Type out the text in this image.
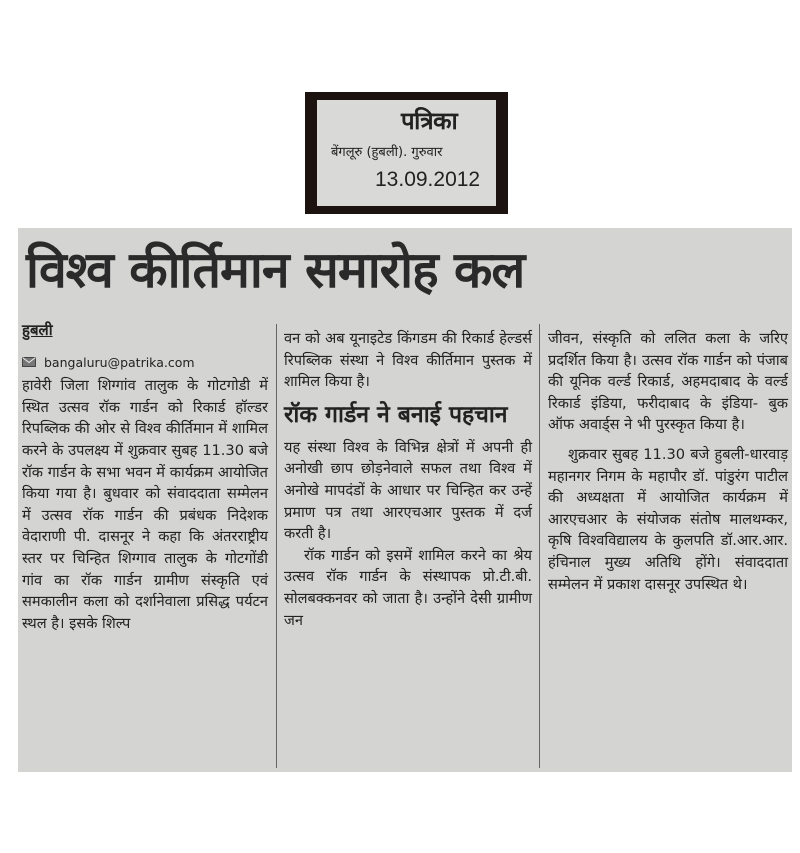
पत्रिका
बेंगलूरु (हुबली). गुरुवार
13.09.2012
विश्व कीर्तिमान समारोह कल
हुबली
bangaluru@patrika.com

हावेरी जिला शिग्गांव तालुक के गोटगोडी में स्थित उत्सव रॉक गार्डन को रिकार्ड हॉल्डर रिपब्लिक की ओर से विश्व कीर्तिमान में शामिल करने के उपलक्ष्य में शुक्रवार सुबह 11.30 बजे रॉक गार्डन के सभा भवन में कार्यक्रम आयोजित किया गया है। बुधवार को संवाददाता सम्मेलन में उत्सव रॉक गार्डन की प्रबंधक निदेशक वेदाराणी पी. दासनूर ने कहा कि अंतरराष्ट्रीय स्तर पर चिन्हित शिग्गाव तालुक के गोटगोंडी गांव का रॉक गार्डन ग्रामीण संस्कृति एवं समकालीन कला को दर्शानेवाला प्रसिद्ध पर्यटन स्थल है। इसके शिल्प

वन को अब यूनाइटेड किंगडम की रिकार्ड हेल्डर्स रिपब्लिक संस्था ने विश्व कीर्तिमान पुस्तक में शामिल किया है।

रॉक गार्डन ने बनाई पहचान

यह संस्था विश्व के विभिन्न क्षेत्रों में अपनी ही अनोखी छाप छोड़नेवाले सफल तथा विश्व में अनोखे मापदंडों के आधार पर चिन्हित कर उन्हें प्रमाण पत्र तथा आरएचआर पुस्तक में दर्ज करती है।

रॉक गार्डन को इसमें शामिल करने का श्रेय उत्सव रॉक गार्डन के संस्थापक प्रो.टी.बी. सोलबक्कनवर को जाता है। उन्होंने देसी ग्रामीण जन

जीवन, संस्कृति को ललित कला के जरिए प्रदर्शित किया है। उत्सव रॉक गार्डन को पंजाब की यूनिक वर्ल्ड रिकार्ड, अहमदाबाद के वर्ल्ड रिकार्ड इंडिया, फरीदाबाद के इंडिया- बुक ऑफ अवार्ड्स ने भी पुरस्कृत किया है।

शुक्रवार सुबह 11.30 बजे हुबली-धारवाड़ महानगर निगम के महापौर डॉ. पांडुरंग पाटील की अध्यक्षता में आयोजित कार्यक्रम में आरएचआर के संयोजक संतोष मालथम्कर, कृषि विश्वविद्यालय के कुलपति डॉ.आर.आर. हंचिनाल मुख्य अतिथि होंगे। संवाददाता सम्मेलन में प्रकाश दासनूर उपस्थित थे।
